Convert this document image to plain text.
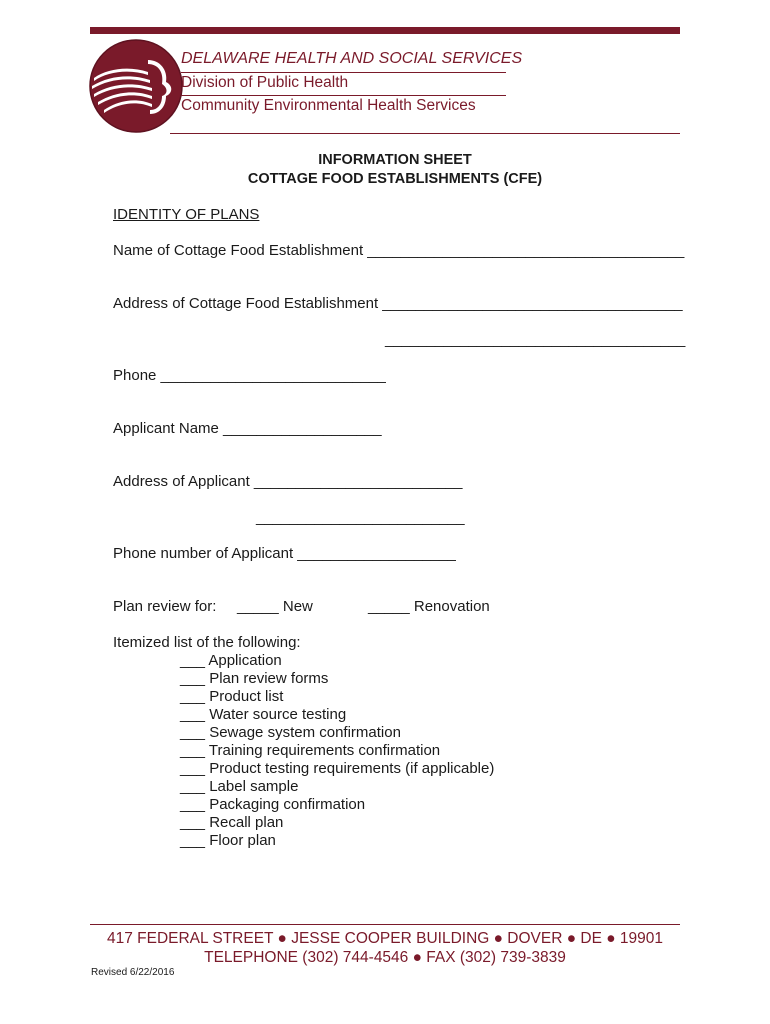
DELAWARE HEALTH AND SOCIAL SERVICES
Division of Public Health
Community Environmental Health Services
INFORMATION SHEET
COTTAGE FOOD ESTABLISHMENTS (CFE)
IDENTITY OF PLANS
Name of Cottage Food Establishment ______________________________________
Address of Cottage Food Establishment ____________________________________
____________________________________
Phone ___________________________
Applicant Name ___________________
Address of Applicant _________________________
_________________________
Phone number of Applicant ___________________
Plan review for: _____ New	_____ Renovation
Itemized list of the following:
___ Application
___ Plan review forms
___ Product list
___ Water source testing
___ Sewage system confirmation
___ Training requirements confirmation
___ Product testing requirements (if applicable)
___ Label sample
___ Packaging confirmation
___ Recall plan
___ Floor plan
417 FEDERAL STREET ● JESSE COOPER BUILDING ● DOVER ● DE ● 19901
TELEPHONE (302) 744-4546 ● FAX (302) 739-3839
Revised 6/22/2016
